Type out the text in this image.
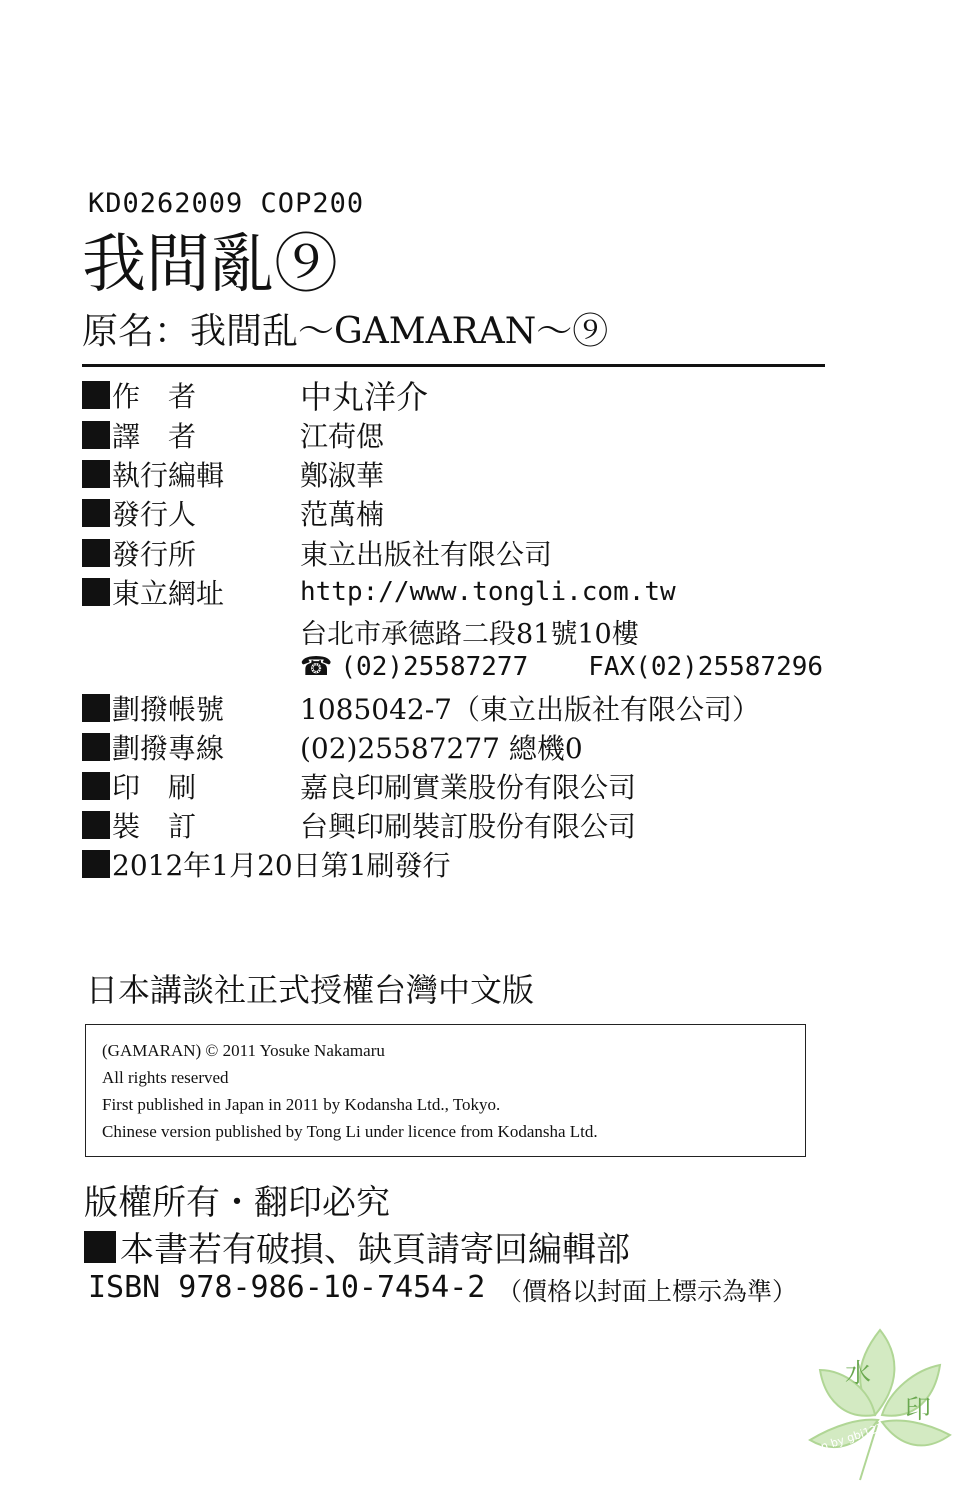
KD0262009 COP200
我間亂⑨
原名：我間乱～GAMARAN～⑨
作　者	中丸洋介
譯　者	江荷偲
執行編輯	鄭淑華
發行人	范萬楠
發行所	東立出版社有限公司
東立網址	http://www.tongli.com.tw
台北市承德路二段81號10樓
☎ (02)25587277 FAX(02)25587296
劃撥帳號	1085042-7（東立出版社有限公司）
劃撥專線	(02)25587277 總機0
印　刷	嘉良印刷實業股份有限公司
裝　訂	台興印刷裝訂股份有限公司
2012年1月20日第1刷發行
日本講談社正式授權台灣中文版
(GAMARAN) © 2011 Yosuke Nakamaru
All rights reserved
First published in Japan in 2011 by Kodansha Ltd., Tokyo.
Chinese version published by Tong Li under licence from Kodansha Ltd.
版權所有・翻印必究
本書若有破損、缺頁請寄回編輯部
ISBN 978-986-10-7454-2 （價格以封面上標示為準）
水
印
Scan by gbj123
